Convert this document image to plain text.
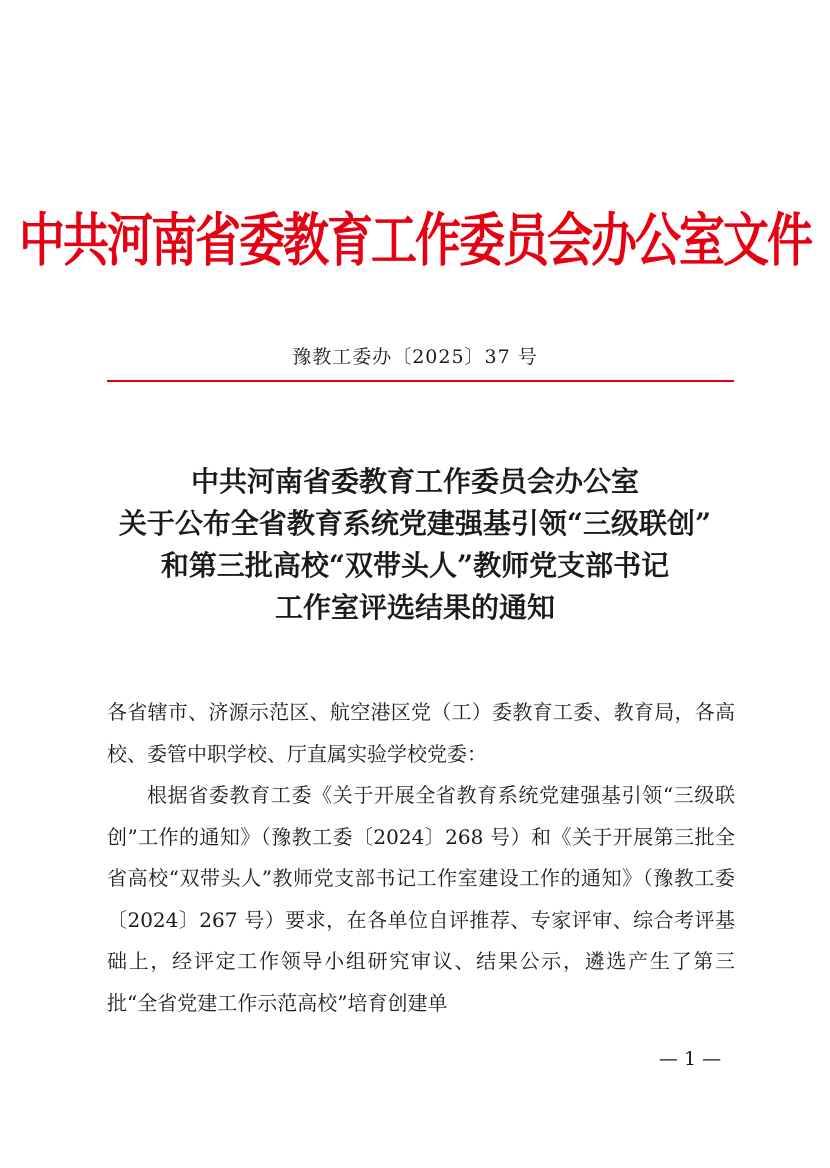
中共河南省委教育工作委员会办公室文件
豫教工委办〔2025〕37 号
中共河南省委教育工作委员会办公室
关于公布全省教育系统党建强基引领“三级联创”
和第三批高校“双带头人”教师党支部书记
工作室评选结果的通知

各省辖市、济源示范区、航空港区党（工）委教育工委、教育局，各高校、委管中职学校、厅直属实验学校党委：

根据省委教育工委《关于开展全省教育系统党建强基引领“三级联创”工作的通知》（豫教工委〔2024〕268 号）和《关于开展第三批全省高校“双带头人”教师党支部书记工作室建设工作的通知》（豫教工委〔2024〕267 号）要求，在各单位自评推荐、专家评审、综合考评基础上，经评定工作领导小组研究审议、结果公示，遴选产生了第三批“全省党建工作示范高校”培育创建单

— 1 —
